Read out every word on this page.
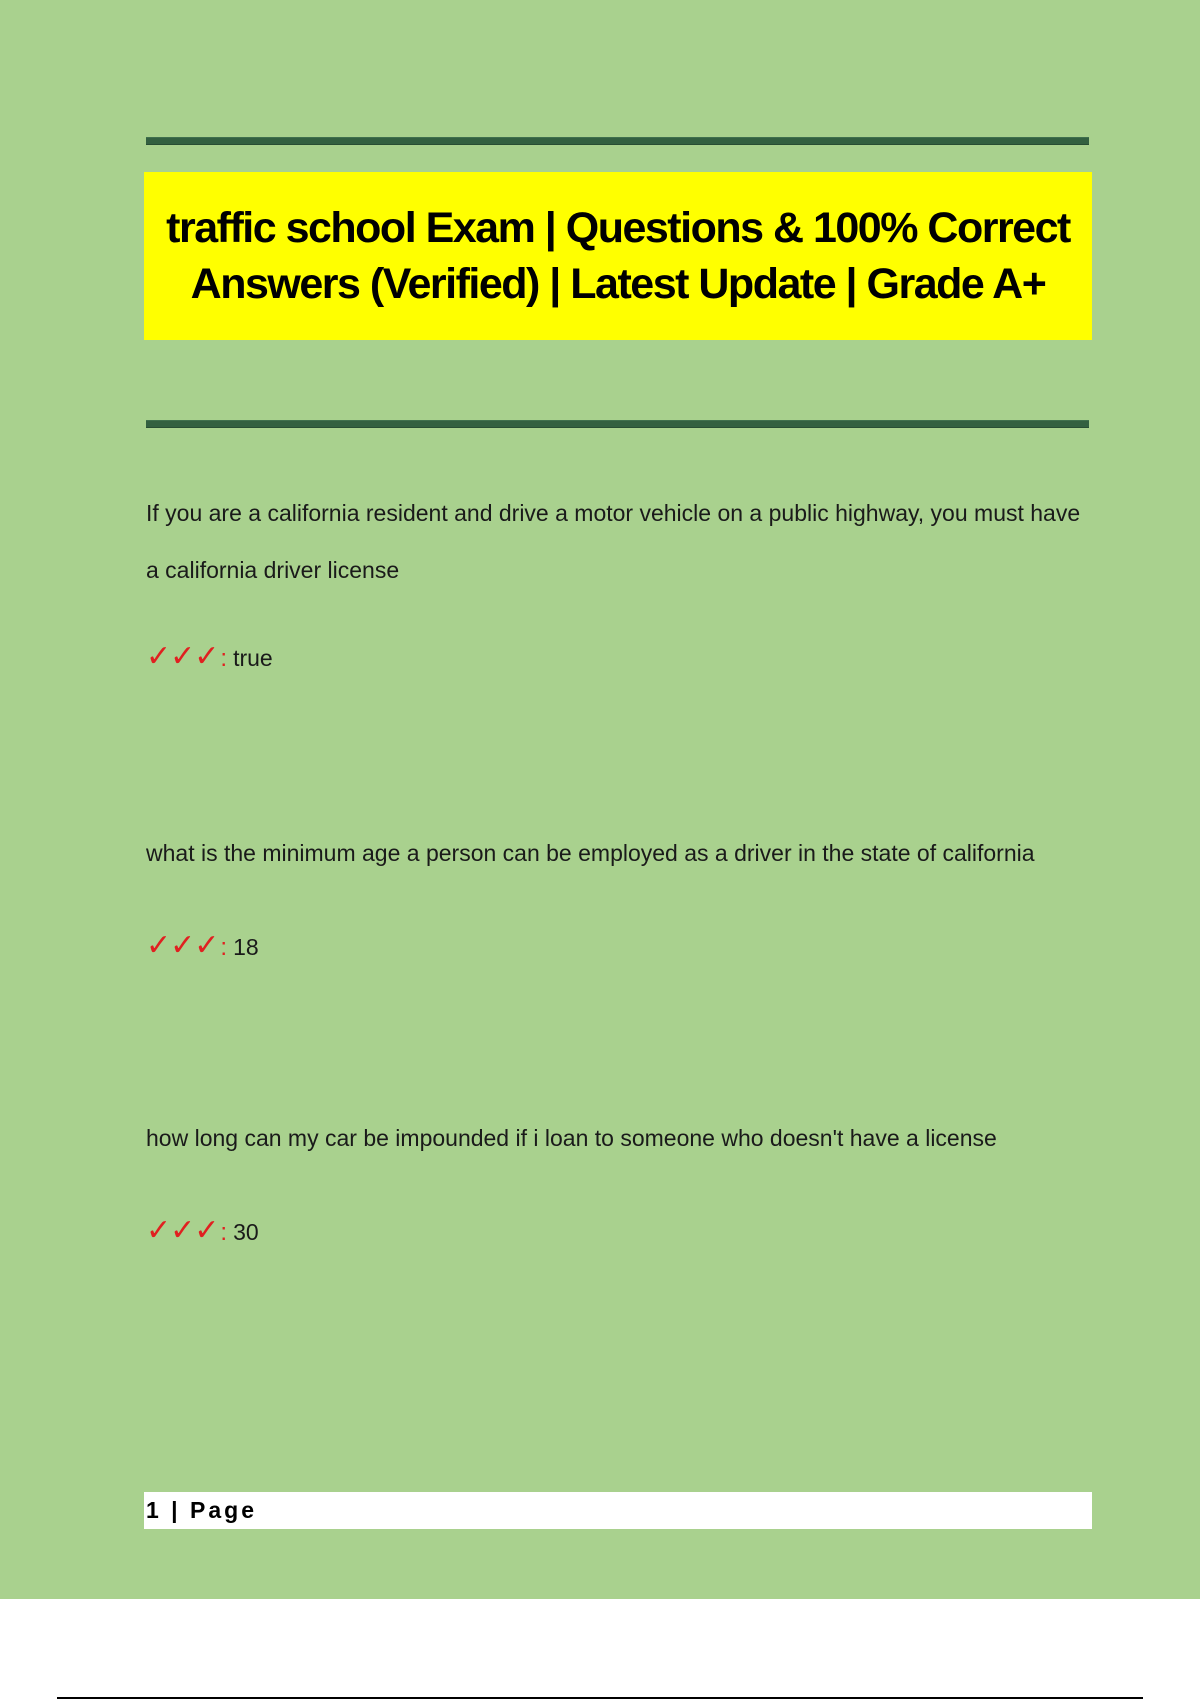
traffic school Exam | Questions & 100% Correct Answers (Verified) | Latest Update | Grade A+

If you are a california resident and drive a motor vehicle on a public highway, you must have a california driver license

✓✓✓ : true

what is the minimum age a person can be employed as a driver in the state of california

✓✓✓ : 18

how long can my car be impounded if i loan to someone who doesn't have a license

✓✓✓ : 30
1 | Page
